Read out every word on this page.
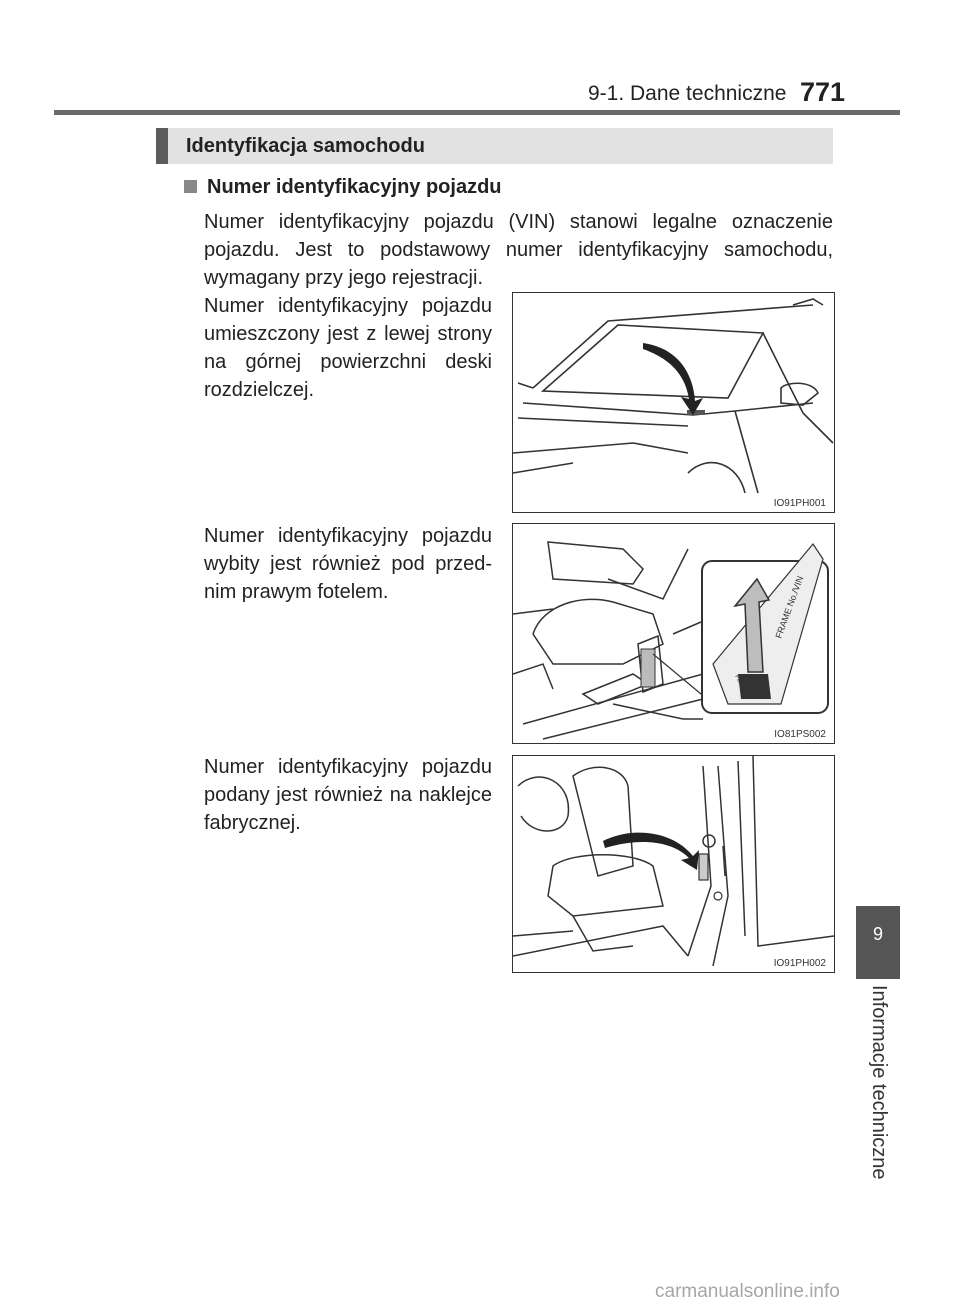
9-1. Dane techniczne 771
Identyfikacja samochodu
Numer identyfikacyjny pojazdu
Numer identyfikacyjny pojazdu (VIN) stanowi legalne oznaczenie pojazdu. Jest to podstawowy numer identyfikacyjny samochodu, wymagany przy jego rejestracji.
Numer identyfikacyjny pojazdu umieszczony jest z lewej strony na górnej powierzchni deski rozdzielczej.
Numer identyfikacyjny pojazdu wybity jest również pod przed-nim prawym fotelem.
Numer identyfikacyjny pojazdu podany jest również na naklejce fabrycznej.
IO91PH001
FRAME No./VIN
PEEL
IO81PS002
IO91PH002
9
Informacje techniczne
carmanualsonline.info
